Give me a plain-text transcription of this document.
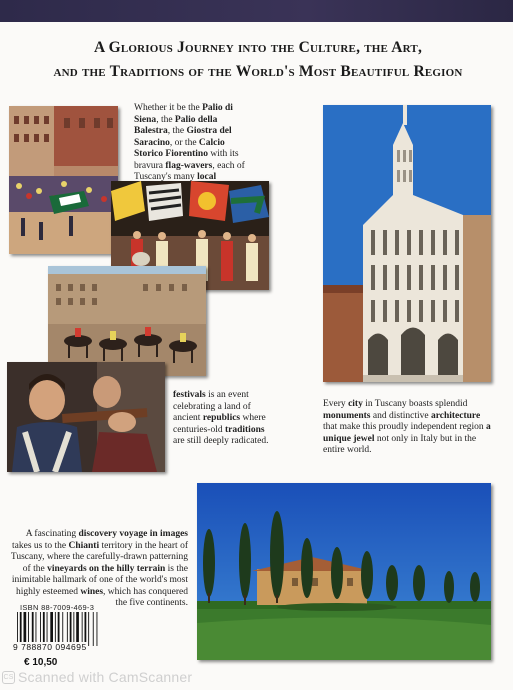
A Glorious Journey into the Culture, the Art,
and the Traditions of the World's Most Beautiful Region
Whether it be the Palio di Siena, the Palio della Balestra, the Giostra del Saracino, or the Calcio Storico Fiorentino with its bravura flag-wavers, each of Tuscany's many local
festivals is an event celebrating a land of ancient republics where centuries-old traditions are still deeply radicated.
Every city in Tuscany boasts splendid monuments and distinctive architecture that make this proudly independent region a unique jewel not only in Italy but in the entire world.
A fascinating discovery voyage in images takes us to the Chianti territory in the heart of Tuscany, where the carefully-drawn patterning of the vineyards on the hilly terrain is the inimitable hallmark of one of the world's most highly esteemed wines, which has conquered the five continents.
ISBN 88-7009-469-3
9 788870 094695
€ 10,50
CS Scanned with CamScanner
